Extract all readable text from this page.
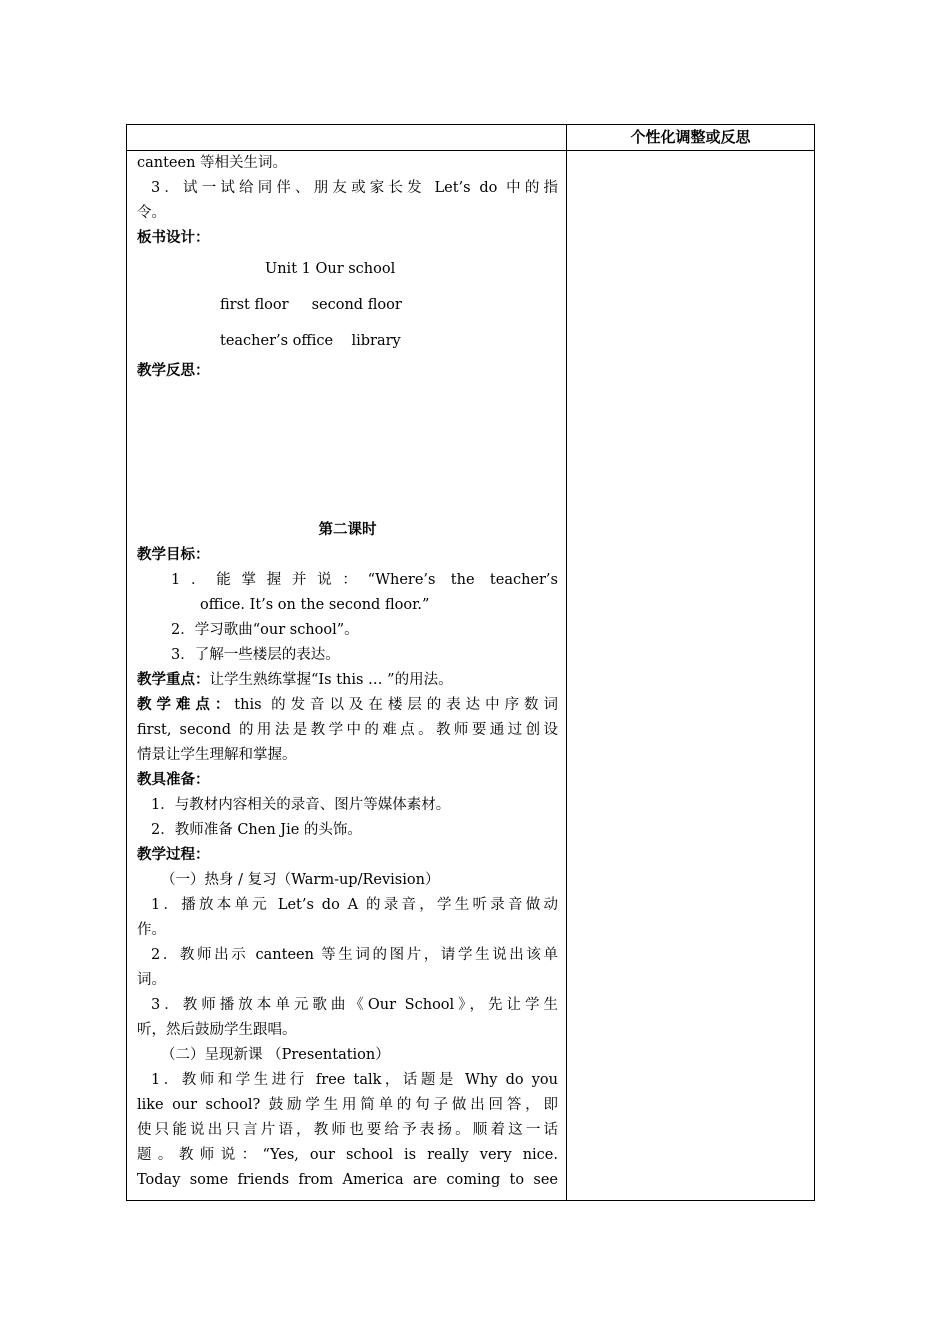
个性化调整或反思
canteen 等相关生词。
3．试一试给同伴、朋友或家长发 Let’s do 中的指
令。
板书设计：
Unit 1 Our school
first floor     second floor
teacher’s office    library
教学反思：
第二课时
教学目标：
1．能掌握并说：“Where’s the teacher’s
office. It’s on the second floor.”
2．学习歌曲“our school”。
3．了解一些楼层的表达。
教学重点：让学生熟练掌握“Is this … ”的用法。
教学难点：this 的发音以及在楼层的表达中序数词
first, second 的用法是教学中的难点。教师要通过创设
情景让学生理解和掌握。
教具准备：
1．与教材内容相关的录音、图片等媒体素材。
2．教师准备 Chen Jie 的头饰。
教学过程：
（一）热身 / 复习（Warm-up/Revision）
1．播放本单元 Let’s do A 的录音，学生听录音做动
作。
2．教师出示 canteen 等生词的图片，请学生说出该单
词。
3．教师播放本单元歌曲《Our School》，先让学生
听，然后鼓励学生跟唱。
（二）呈现新课 （Presentation）
1．教师和学生进行 free talk，话题是 Why do you
like our school? 鼓励学生用简单的句子做出回答，即
使只能说出只言片语，教师也要给予表扬。顺着这一话
题。教师说：“Yes, our school is really very nice.
Today some friends from America are coming to see
